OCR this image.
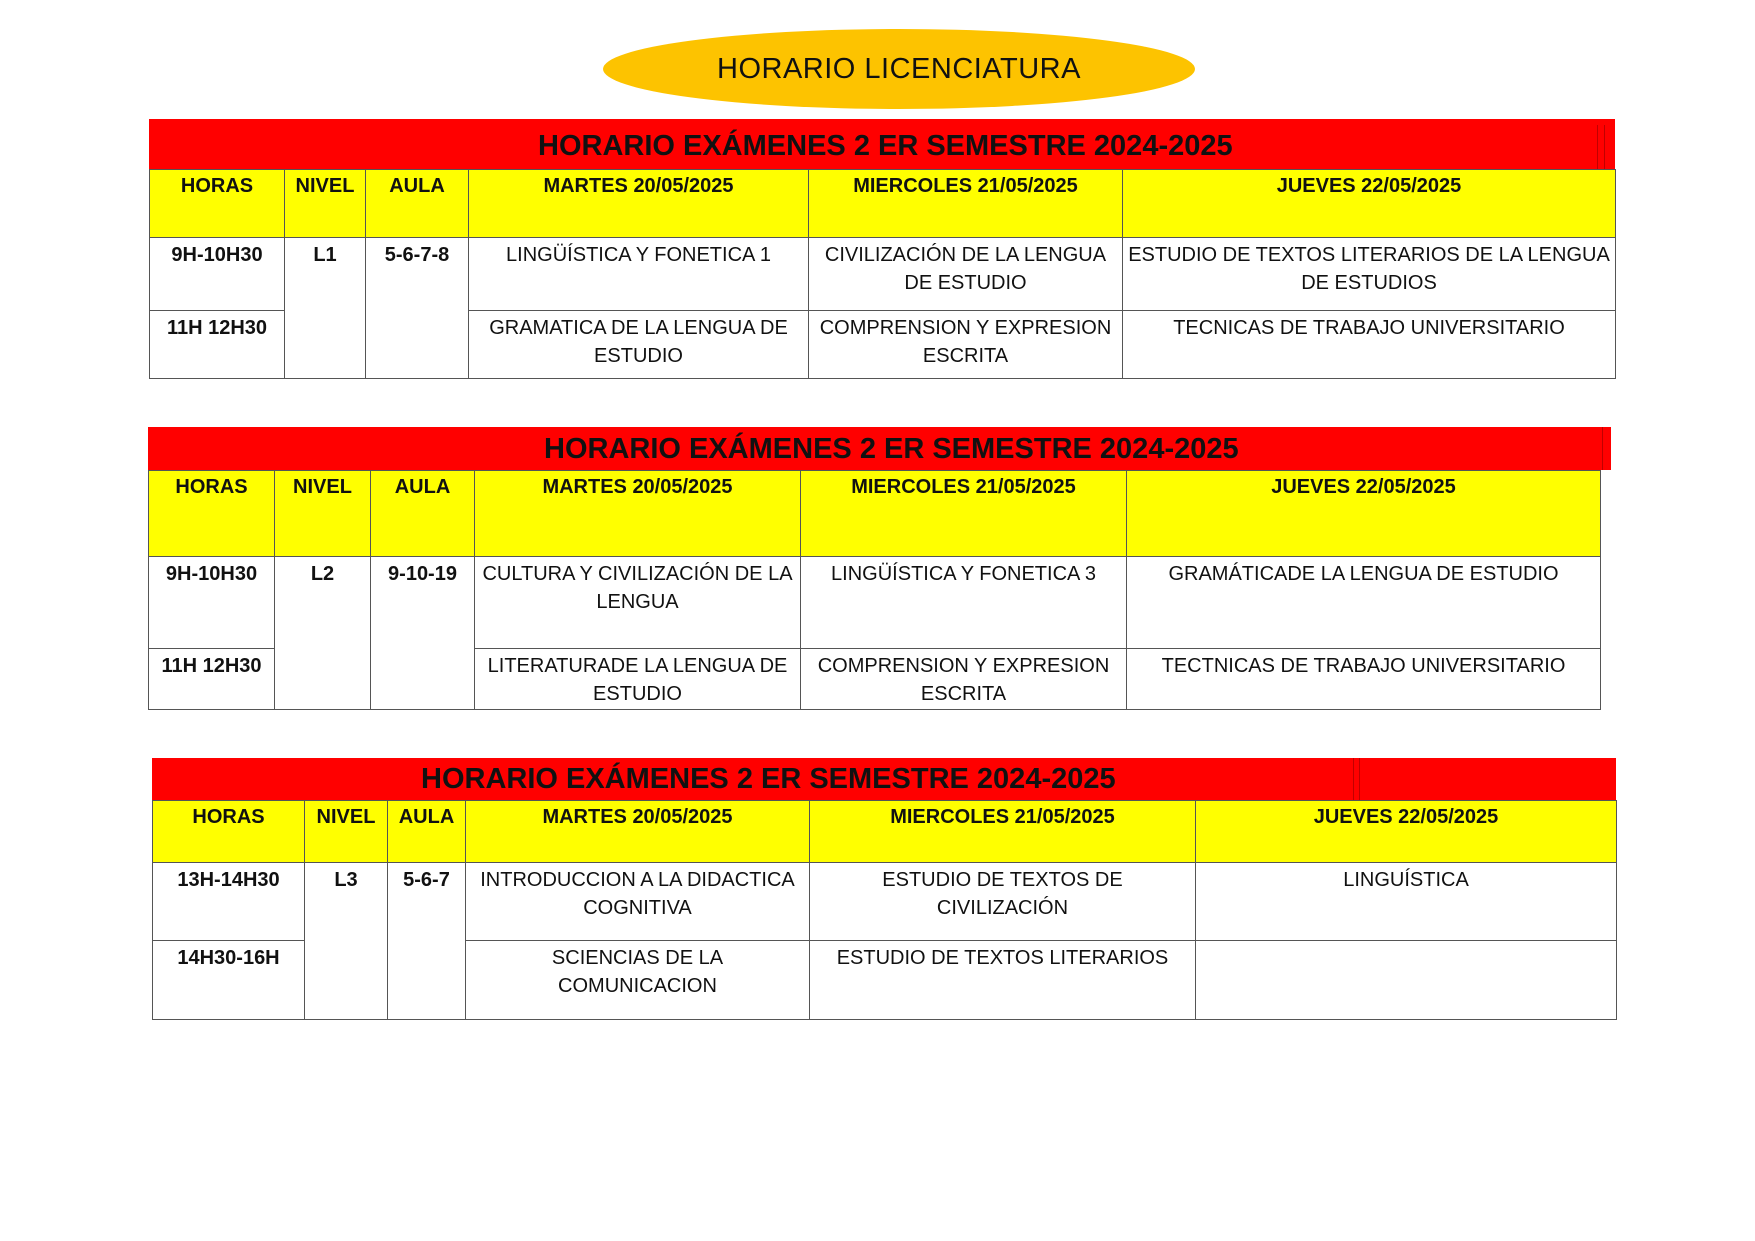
HORARIO LICENCIATURA
HORARIO EXÁMENES 2 ER SEMESTRE 2024-2025
HORAS	NIVEL	AULA	MARTES 20/05/2025	MIERCOLES 21/05/2025	JUEVES 22/05/2025
9H-10H30	L1	5-6-7-8	LINGÜÍSTICA Y FONETICA 1	CIVILIZACIÓN DE LA LENGUA DE ESTUDIO	ESTUDIO DE TEXTOS LITERARIOS DE LA LENGUA DE ESTUDIOS
11H 12H30			GRAMATICA DE LA LENGUA DE ESTUDIO	COMPRENSION Y EXPRESION ESCRITA	TECNICAS DE TRABAJO UNIVERSITARIO
HORARIO EXÁMENES 2 ER SEMESTRE 2024-2025
HORAS	NIVEL	AULA	MARTES 20/05/2025	MIERCOLES 21/05/2025	JUEVES 22/05/2025
9H-10H30	L2	9-10-19	CULTURA Y CIVILIZACIÓN DE LA LENGUA	LINGÜÍSTICA Y FONETICA 3	GRAMÁTICADE LA LENGUA DE ESTUDIO
11H 12H30			LITERATURADE LA LENGUA DE ESTUDIO	COMPRENSION Y EXPRESION ESCRITA	TECTNICAS DE TRABAJO UNIVERSITARIO
HORARIO EXÁMENES 2 ER SEMESTRE 2024-2025
HORAS	NIVEL	AULA	MARTES 20/05/2025	MIERCOLES 21/05/2025	JUEVES 22/05/2025
13H-14H30	L3	5-6-7	INTRODUCCION A LA DIDACTICA COGNITIVA	ESTUDIO DE TEXTOS DE CIVILIZACIÓN	LINGUÍSTICA
14H30-16H			SCIENCIAS DE LA COMUNICACION	ESTUDIO DE TEXTOS LITERARIOS	
